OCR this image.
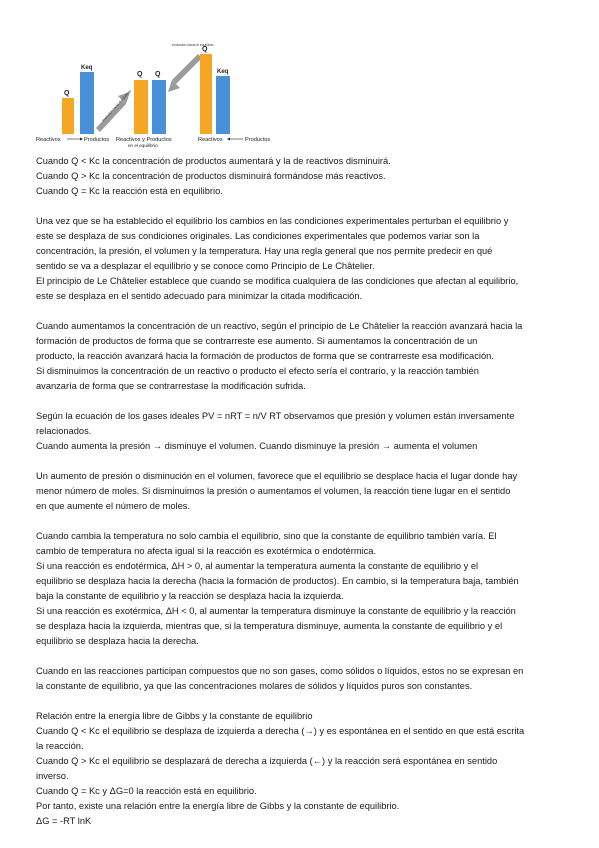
Q
Keq
evolución hacia el equilibrio
Q Q
evolución hacia el equilibrio
Q
Keq
Reactivos	Productos Reactivos y Productos
en el equilibrio
Reactivos	Productos

Cuando Q < Kc la concentración de productos aumentará y la de reactivos disminuirá.

Cuando Q > Kc la concentración de productos disminuirá formándose más reactivos.

Cuando Q = Kc la reacción está en equilibrio.

Una vez que se ha establecido el equilibrio los cambios en las condiciones experimentales perturban el equilibrio y

este se desplaza de sus condiciones originales. Las condiciones experimentales que podemos variar son la

concentración, la presión, el volumen y la temperatura. Hay una regla general que nos permite predecir en qué

sentido se va a desplazar el equilibrio y se conoce como Principio de Le Châtelier.

El principio de Le Châtelier establece que cuando se modifica cualquiera de las condiciones que afectan al equilibrio,

este se desplaza en el sentido adecuado para minimizar la citada modificación.

Cuando aumentamos la concentración de un reactivo, según el principio de Le Châtelier la reacción avanzará hacia la

formación de productos de forma que se contrarreste ese aumento. Si aumentamos la concentración de un

producto, la reacción avanzará hacia la formación de productos de forma que se contrarreste esa modificación.

Si disminuimos la concentración de un reactivo o producto el efecto sería el contrario, y la reacción también

avanzaría de forma que se contrarrestase la modificación sufrida.

Según la ecuación de los gases ideales PV = nRT = n/V RT observamos que presión y volumen están inversamente

relacionados.

Cuando aumenta la presión → disminuye el volumen. Cuando disminuye la presión → aumenta el volumen

Un aumento de presión o disminución en el volumen, favorece que el equilibrio se desplace hacia el lugar donde hay

menor número de moles. Si disminuimos la presión o aumentamos el volumen, la reacción tiene lugar en el sentido

en que aumente el número de moles.

Cuando cambia la temperatura no solo cambia el equilibrio, sino que la constante de equilibrio también varía. El

cambio de temperatura no afecta igual si la reacción es exotérmica o endotérmica.

Si una reacción es endotérmica, ΔH > 0, al aumentar la temperatura aumenta la constante de equilibrio y el

equilibrio se desplaza hacia la derecha (hacia la formación de productos). En cambio, si la temperatura baja, también

baja la constante de equilibrio y la reacción se desplaza hacia la izquierda.

Si una reacción es exotérmica, ΔH < 0, al aumentar la temperatura disminuye la constante de equilibrio y la reacción

se desplaza hacia la izquierda, mientras que, si la temperatura disminuye, aumenta la constante de equilibrio y el

equilibrio se desplaza hacia la derecha.

Cuando en las reacciones participan compuestos que no son gases, como sólidos o líquidos, estos no se expresan en

la constante de equilibrio, ya que las concentraciones molares de sólidos y líquidos puros son constantes.

Relación entre la energía libre de Gibbs y la constante de equilibrio

Cuando Q < Kc el equilibrio se desplaza de izquierda a derecha (→) y es espontánea en el sentido en que está escrita

la reacción.

Cuando Q > Kc el equilibrio se desplazará de derecha a izquierda (←) y la reacción será espontánea en sentido

inverso.

Cuando Q = Kc y ΔG=0 la reacción está en equilibrio.

Por tanto, existe una relación entre la energía libre de Gibbs y la constante de equilibrio.

ΔG = -RT lnK
